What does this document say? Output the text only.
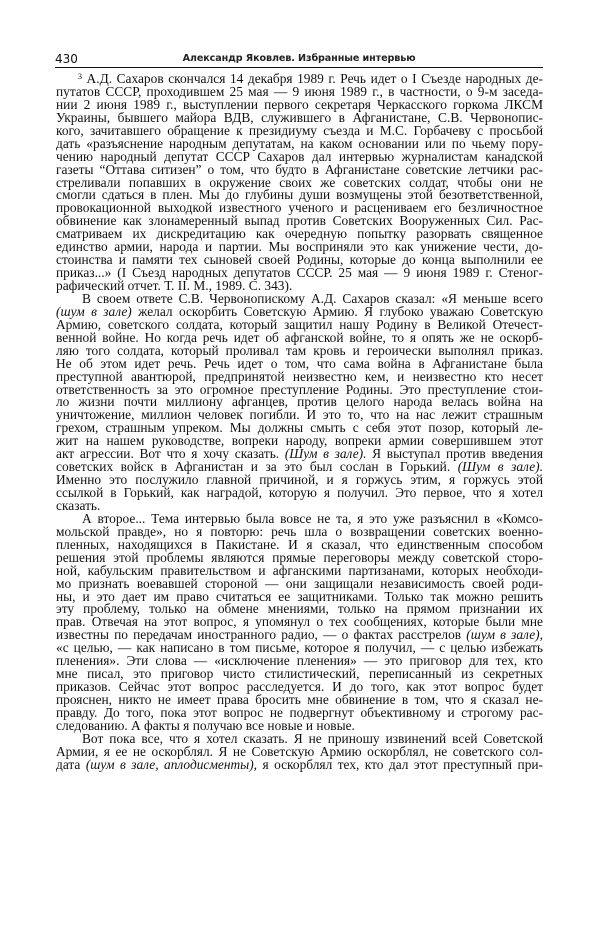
430	Александр Яковлев. Избранные интервью
$^3$ А.Д. Сахаров скончался 14 декабря 1989 г. Речь идет о I Съезде народных де-
путатов СССР, проходившем 25 мая — 9 июня 1989 г., в частности, о 9-м заседа-
нии 2 июня 1989 г., выступлении первого секретаря Черкасского горкома ЛКСМ
Украины, бывшего майора ВДВ, служившего в Афганистане, С.В. Червонопис-
кого, зачитавшего обращение к президиуму съезда и М.С. Горбачеву с просьбой
дать «разъяснение народным депутатам, на каком основании или по чьему пору-
чению народный депутат СССР Сахаров дал интервью журналистам канадской
газеты “Оттава ситизен” о том, что будто в Афганистане советские летчики рас-
стреливали попавших в окружение своих же советских солдат, чтобы они не
смогли сдаться в плен. Мы до глубины души возмущены этой безответственной,
провокационной выходкой известного ученого и расцениваем его безличностное
обвинение как злонамеренный выпад против Советских Вооруженных Сил. Рас-
сматриваем их дискредитацию как очередную попытку разорвать священное
единство армии, народа и партии. Мы восприняли это как унижение чести, до-
стоинства и памяти тех сыновей своей Родины, которые до конца выполнили ее
приказ...» (I Съезд народных депутатов СССР. 25 мая — 9 июня 1989 г. Стеног-
рафический отчет. Т. II. М., 1989. С. 343).
В своем ответе С.В. Червонопискому А.Д. Сахаров сказал: «Я меньше всего
(шум в зале) желал оскорбить Советскую Армию. Я глубоко уважаю Советскую
Армию, советского солдата, который защитил нашу Родину в Великой Отечест-
венной войне. Но когда речь идет об афганской войне, то я опять же не оскорб-
ляю того солдата, который проливал там кровь и героически выполнял приказ.
Не об этом идет речь. Речь идет о том, что сама война в Афганистане была
преступной авантюрой, предпринятой неизвестно кем, и неизвестно кто несет
ответственность за это огромное преступление Родины. Это преступление стои-
ло жизни почти миллиону афганцев, против целого народа велась война на
уничтожение, миллион человек погибли. И это то, что на нас лежит страшным
грехом, страшным упреком. Мы должны смыть с себя этот позор, который ле-
жит на нашем руководстве, вопреки народу, вопреки армии совершившем этот
акт агрессии. Вот что я хочу сказать. (Шум в зале). Я выступал против введения
советских войск в Афганистан и за это был сослан в Горький. (Шум в зале).
Именно это послужило главной причиной, и я горжусь этим, я горжусь этой
ссылкой в Горький, как наградой, которую я получил. Это первое, что я хотел
сказать.
А второе... Тема интервью была вовсе не та, я это уже разъяснил в «Комсо-
мольской правде», но я повторю: речь шла о возвращении советских военно-
пленных, находящихся в Пакистане. И я сказал, что единственным способом
решения этой проблемы являются прямые переговоры между советской сторо-
ной, кабульским правительством и афганскими партизанами, которых необходи-
мо признать воевавшей стороной — они защищали независимость своей роди-
ны, и это дает им право считаться ее защитниками. Только так можно решить
эту проблему, только на обмене мнениями, только на прямом признании их
прав. Отвечая на этот вопрос, я упомянул о тех сообщениях, которые были мне
известны по передачам иностранного радио, — о фактах расстрелов (шум в зале),
«с целью, — как написано в том письме, которое я получил, — с целью избежать
пленения». Эти слова — «исключение пленения» — это приговор для тех, кто
мне писал, это приговор чисто стилистический, переписанный из секретных
приказов. Сейчас этот вопрос расследуется. И до того, как этот вопрос будет
прояснен, никто не имеет права бросить мне обвинение в том, что я сказал не-
правду. До того, пока этот вопрос не подвергнут объективному и строгому рас-
следованию. А факты я получаю все новые и новые.
Вот пока все, что я хотел сказать. Я не приношу извинений всей Советской
Армии, я ее не оскорблял. Я не Советскую Армию оскорблял, не советского сол-
дата (шум в зале, аплодисменты), я оскорблял тех, кто дал этот преступный при-
